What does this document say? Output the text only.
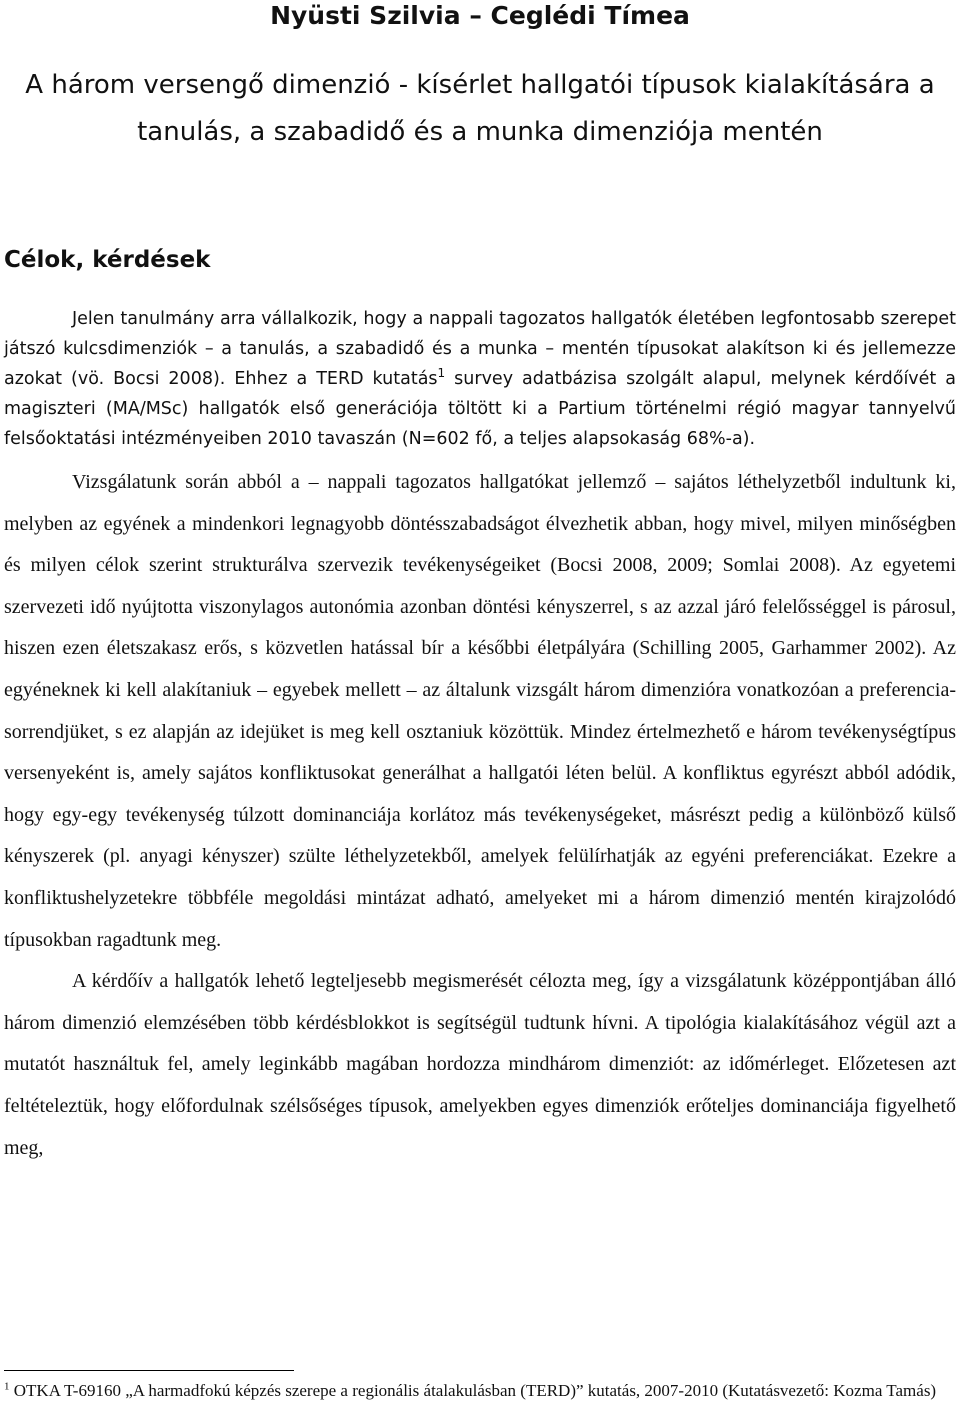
Nyüsti Szilvia – Ceglédi Tímea
A három versengő dimenzió - kísérlet hallgatói típusok kialakítására a tanulás, a szabadidő és a munka dimenziója mentén
Célok, kérdések

Jelen tanulmány arra vállalkozik, hogy a nappali tagozatos hallgatók életében legfontosabb szerepet játszó kulcsdimenziók – a tanulás, a szabadidő és a munka – mentén típusokat alakítson ki és jellemezze azokat (vö. Bocsi 2008). Ehhez a TERD kutatás$^1$ survey adatbázisa szolgált alapul, melynek kérdőívét a magiszteri (MA/MSc) hallgatók első generációja töltött ki a Partium történelmi régió magyar tannyelvű felsőoktatási intézményeiben 2010 tavaszán (N=602 fő, a teljes alapsokaság 68%-a).

Vizsgálatunk során abból a – nappali tagozatos hallgatókat jellemző – sajátos léthelyzetből indultunk ki, melyben az egyének a mindenkori legnagyobb döntésszabadságot élvezhetik abban, hogy mivel, milyen minőségben és milyen célok szerint strukturálva szervezik tevékenységeiket (Bocsi 2008, 2009; Somlai 2008). Az egyetemi szervezeti idő nyújtotta viszonylagos autonómia azonban döntési kényszerrel, s az azzal járó felelősséggel is párosul, hiszen ezen életszakasz erős, s közvetlen hatással bír a későbbi életpályára (Schilling 2005, Garhammer 2002). Az egyéneknek ki kell alakítaniuk – egyebek mellett – az általunk vizsgált három dimenzióra vonatkozóan a preferencia-sorrendjüket, s ez alapján az idejüket is meg kell osztaniuk közöttük. Mindez értelmezhető e három tevékenységtípus versenyeként is, amely sajátos konfliktusokat generálhat a hallgatói léten belül. A konfliktus egyrészt abból adódik, hogy egy-egy tevékenység túlzott dominanciája korlátoz más tevékenységeket, másrészt pedig a különböző külső kényszerek (pl. anyagi kényszer) szülte léthelyzetekből, amelyek felülírhatják az egyéni preferenciákat. Ezekre a konfliktushelyzetekre többféle megoldási mintázat adható, amelyeket mi a három dimenzió mentén kirajzolódó típusokban ragadtunk meg.

A kérdőív a hallgatók lehető legteljesebb megismerését célozta meg, így a vizsgálatunk középpontjában álló három dimenzió elemzésében több kérdésblokkot is segítségül tudtunk hívni. A tipológia kialakításához végül azt a mutatót használtuk fel, amely leginkább magában hordozza mindhárom dimenziót: az időmérleget. Előzetesen azt feltételeztük, hogy előfordulnak szélsőséges típusok, amelyekben egyes dimenziók erőteljes dominanciája figyelhető meg,

$^1$ OTKA T-69160 „A harmadfokú képzés szerepe a regionális átalakulásban (TERD)” kutatás, 2007-2010 (Kutatásvezető: Kozma Tamás)
